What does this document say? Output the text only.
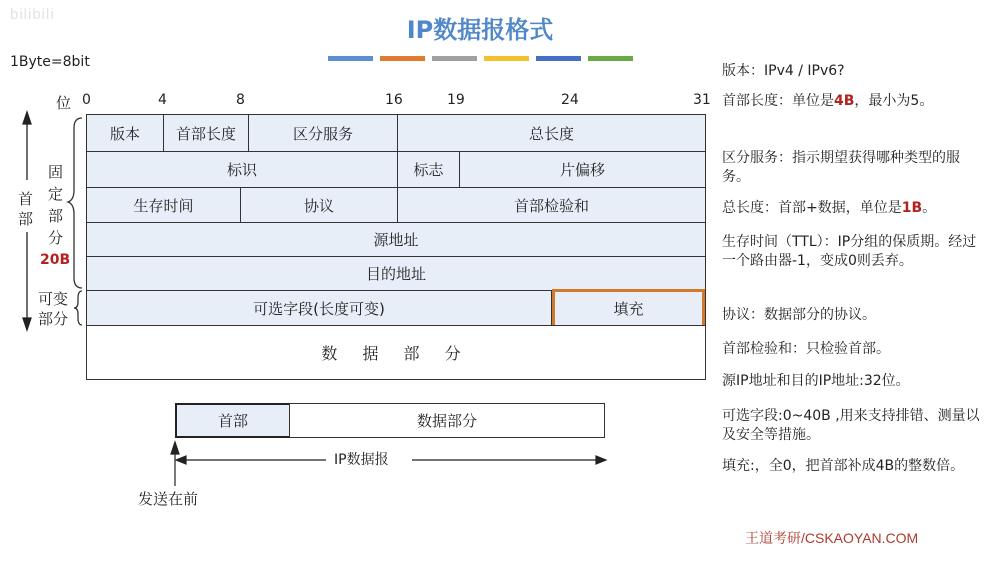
bilibili
IP数据报格式
1Byte=8bit
位 0	4	8	16	19	24	31
版本	首部长度	区分服务	总长度
标识	标志	片偏移
生存时间	协议	首部检验和
源地址
目的地址
可选字段(长度可变)	填充
数 据 部 分
首
部
固
定
部
分
20B
可变
部分
首部	数据部分
IP数据报
发送在前
版本：IPv4 / IPv6?
首部长度：单位是4B，最小为5。
区分服务：指示期望获得哪种类型的服务。
总长度：首部+数据，单位是1B。
生存时间（TTL）：IP分组的保质期。经过一个路由器-1，变成0则丢弃。
协议：数据部分的协议。
首部检验和：只检验首部。
源IP地址和目的IP地址:32位。
可选字段:0~40B ,用来支持排错、测量以及安全等措施。
填充:，全0，把首部补成4B的整数倍。
王道考研/CSKAOYAN.COM
